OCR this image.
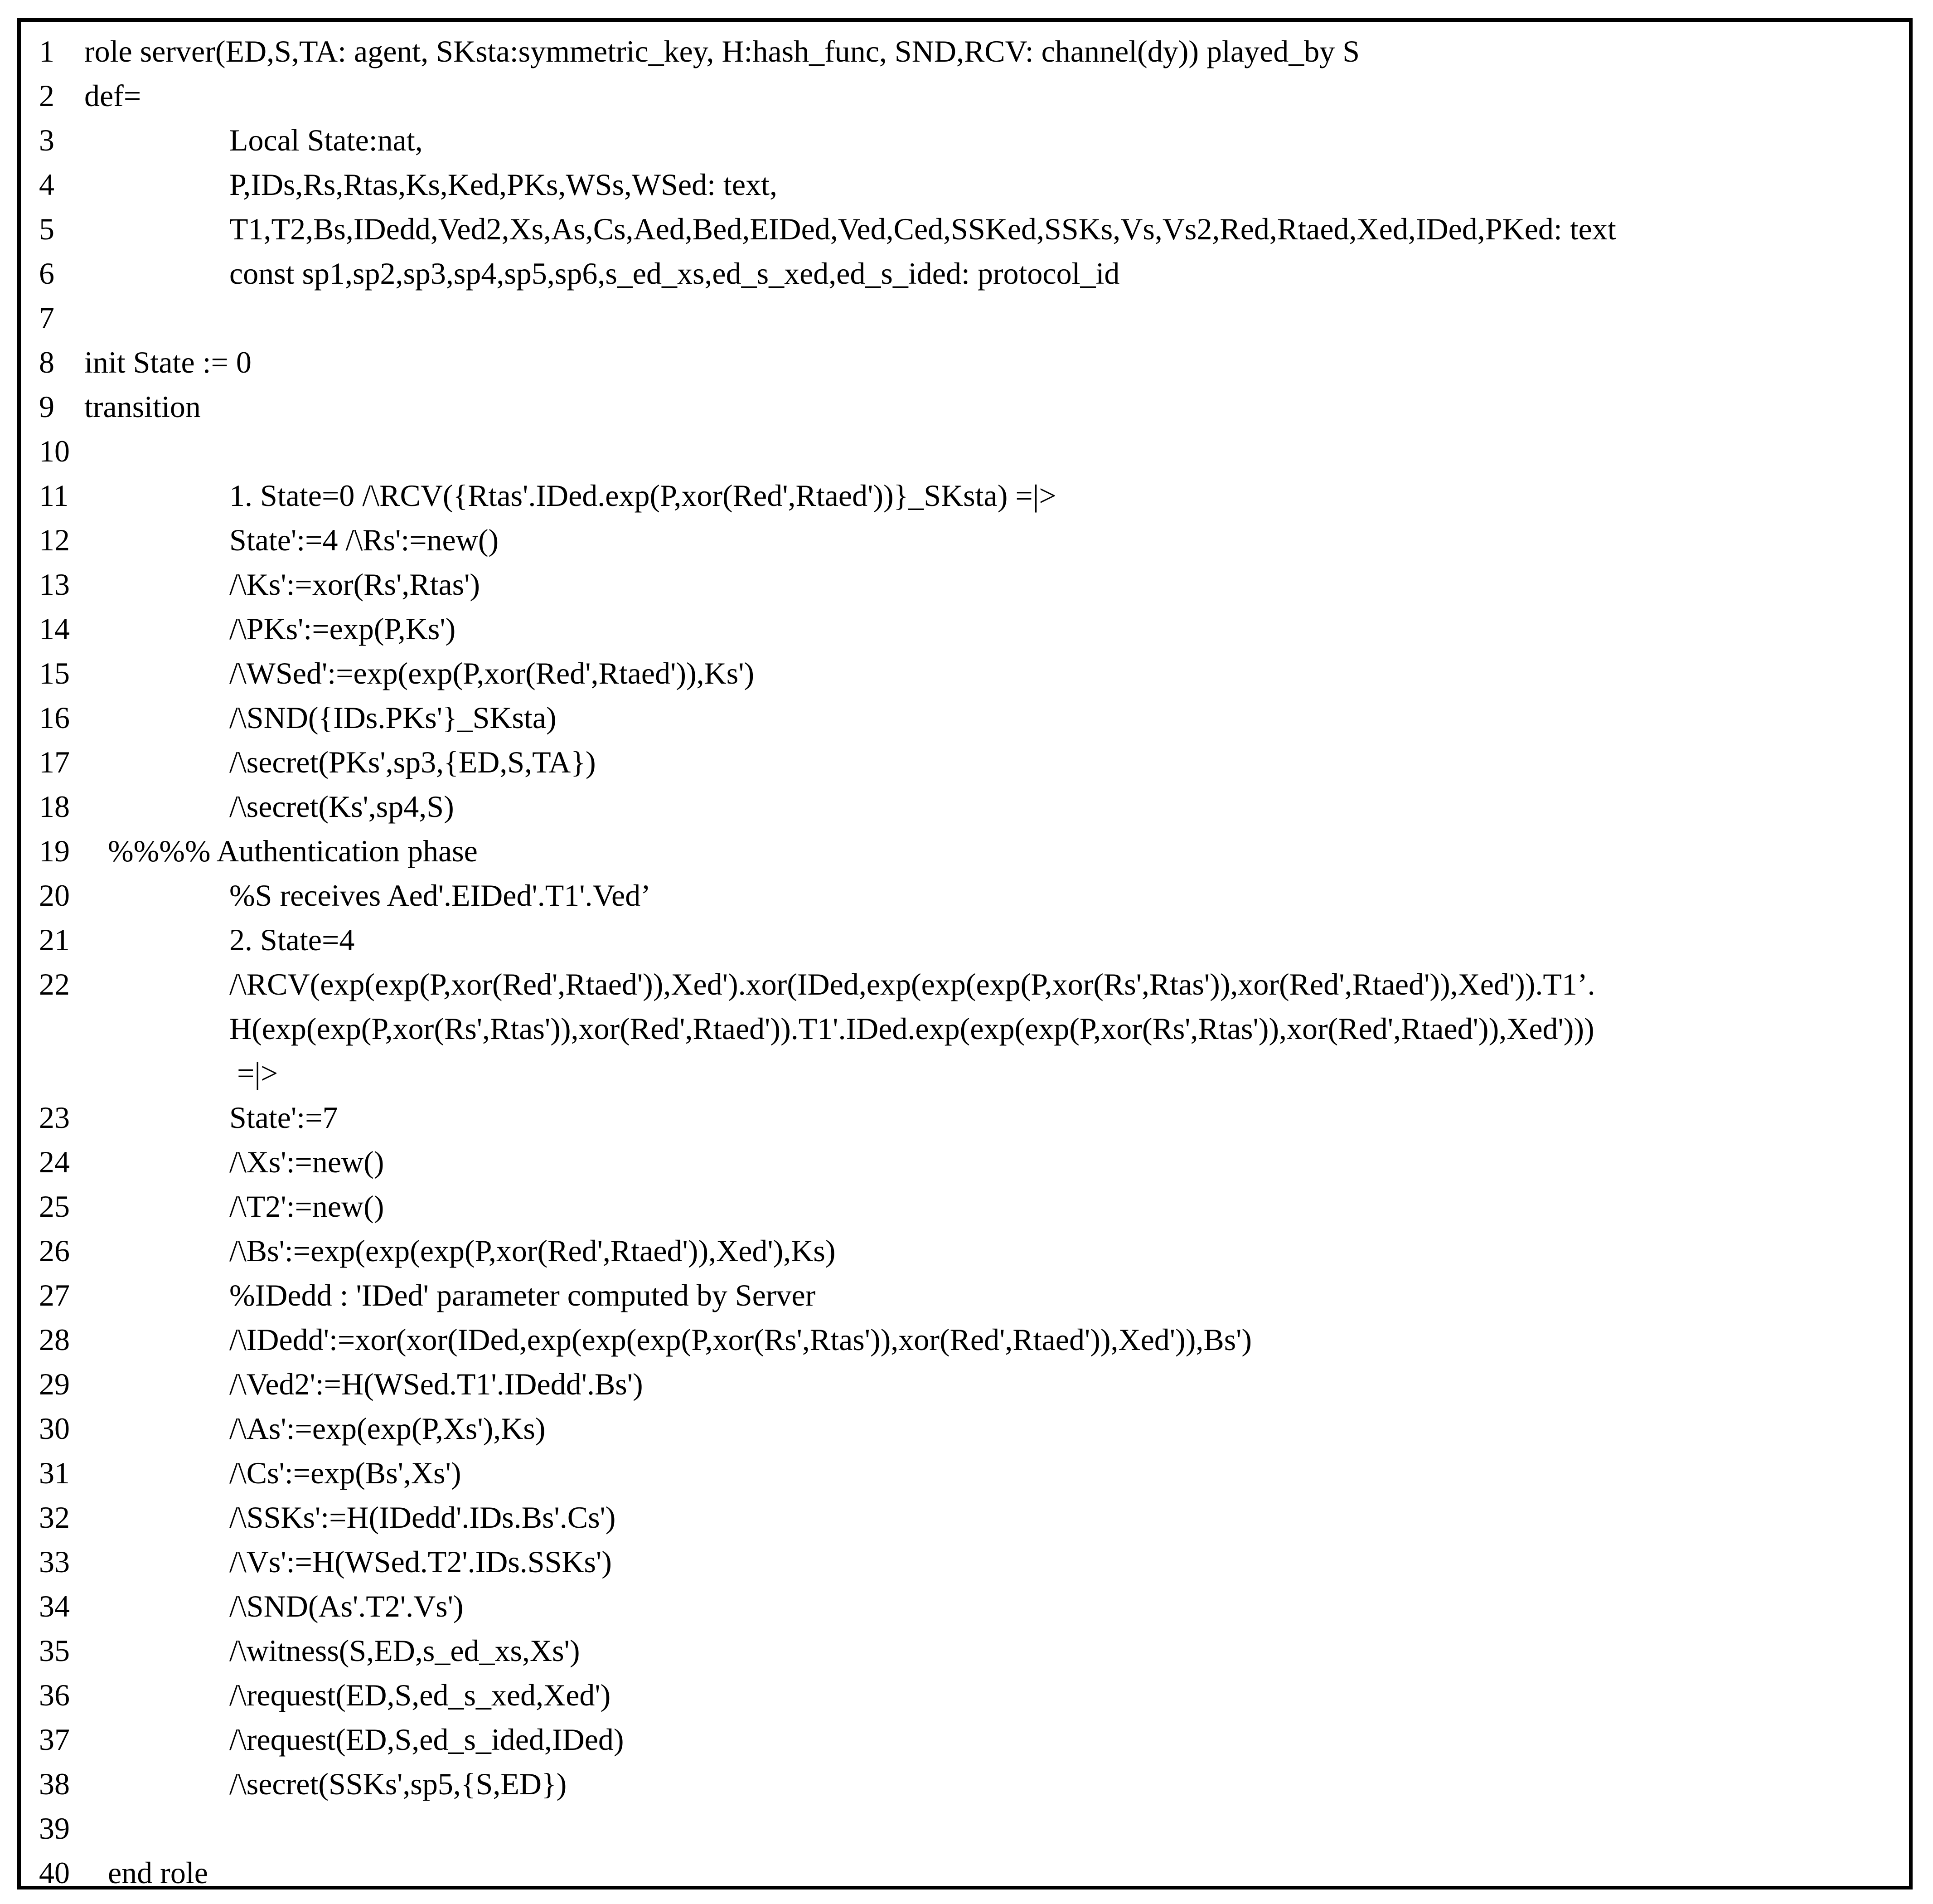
1 role server(ED,S,TA: agent, SKsta:symmetric_key, H:hash_func, SND,RCV: channel(dy)) played_by S
2 def=
3	Local State:nat,
4	P,IDs,Rs,Rtas,Ks,Ked,PKs,WSs,WSed: text,
5	T1,T2,Bs,IDedd,Ved2,Xs,As,Cs,Aed,Bed,EIDed,Ved,Ced,SSKed,SSKs,Vs,Vs2,Red,Rtaed,Xed,IDed,PKed: text
6	const sp1,sp2,sp3,sp4,sp5,sp6,s_ed_xs,ed_s_xed,ed_s_ided: protocol_id
7
8 init State := 0
9 transition
10
11	1. State=0 /\RCV({Rtas'.IDed.exp(P,xor(Red',Rtaed'))}_SKsta) =|>
12	State':=4 /\Rs':=new()
13	/\Ks':=xor(Rs',Rtas')
14	/\PKs':=exp(P,Ks')
15	/\WSed':=exp(exp(P,xor(Red',Rtaed')),Ks')
16	/\SND({IDs.PKs'}_SKsta)
17	/\secret(PKs',sp3,{ED,S,TA})
18	/\secret(Ks',sp4,S)
19 %%%% Authentication phase
20	%S receives Aed'.EIDed'.T1'.Ved’
21	2. State=4
22	/\RCV(exp(exp(P,xor(Red',Rtaed')),Xed').xor(IDed,exp(exp(exp(P,xor(Rs',Rtas')),xor(Red',Rtaed')),Xed')).T1’.
H(exp(exp(P,xor(Rs',Rtas')),xor(Red',Rtaed')).T1'.IDed.exp(exp(exp(P,xor(Rs',Rtas')),xor(Red',Rtaed')),Xed')))
=|>
23	State':=7
24	/\Xs':=new()
25	/\T2':=new()
26	/\Bs':=exp(exp(exp(P,xor(Red',Rtaed')),Xed'),Ks)
27	%IDedd : 'IDed' parameter computed by Server
28	/\IDedd':=xor(xor(IDed,exp(exp(exp(P,xor(Rs',Rtas')),xor(Red',Rtaed')),Xed')),Bs')
29	/\Ved2':=H(WSed.T1'.IDedd'.Bs')
30	/\As':=exp(exp(P,Xs'),Ks)
31	/\Cs':=exp(Bs',Xs')
32	/\SSKs':=H(IDedd'.IDs.Bs'.Cs')
33	/\Vs':=H(WSed.T2'.IDs.SSKs')
34	/\SND(As'.T2'.Vs')
35	/\witness(S,ED,s_ed_xs,Xs')
36	/\request(ED,S,ed_s_xed,Xed')
37	/\request(ED,S,ed_s_ided,IDed)
38	/\secret(SSKs',sp5,{S,ED})
39
40 end role
